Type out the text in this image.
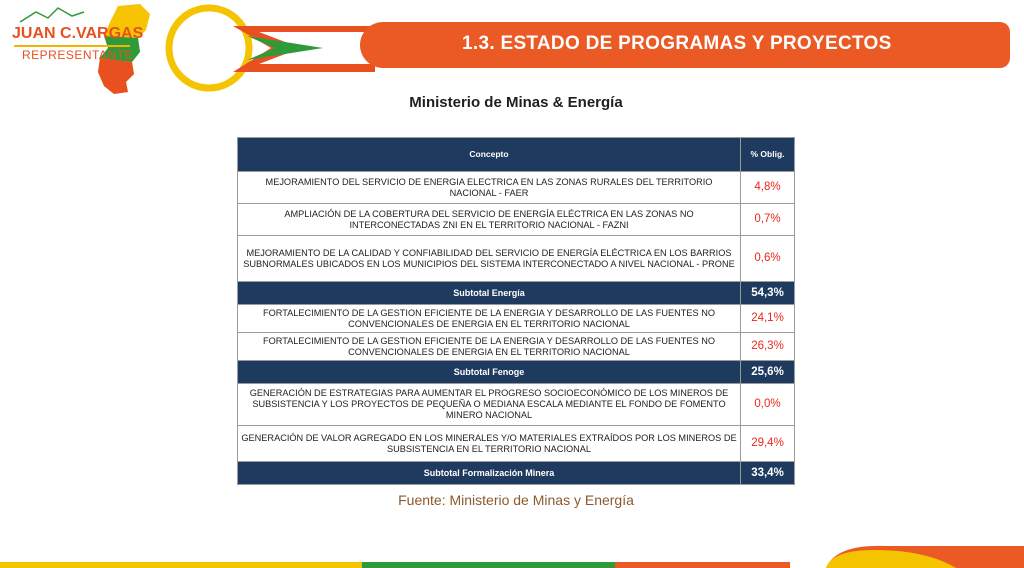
JUAN C.VARGAS
REPRESENTANTE
1.3. ESTADO DE PROGRAMAS Y PROYECTOS
Ministerio de Minas & Energía
Concepto	% Oblig.
MEJORAMIENTO DEL SERVICIO DE ENERGIA ELECTRICA EN LAS ZONAS RURALES DEL TERRITORIO NACIONAL - FAER	4,8%
AMPLIACIÓN DE LA COBERTURA DEL SERVICIO DE ENERGÍA ELÉCTRICA EN LAS ZONAS NO INTERCONECTADAS ZNI EN EL TERRITORIO NACIONAL - FAZNI	0,7%
MEJORAMIENTO DE LA CALIDAD Y CONFIABILIDAD DEL SERVICIO DE ENERGÍA ELÉCTRICA EN LOS BARRIOS SUBNORMALES UBICADOS EN LOS MUNICIPIOS DEL SISTEMA INTERCONECTADO A NIVEL NACIONAL - PRONE	0,6%
Subtotal Energía	54,3%
FORTALECIMIENTO DE LA GESTION EFICIENTE DE LA ENERGIA Y DESARROLLO DE LAS FUENTES NO CONVENCIONALES DE ENERGIA EN EL TERRITORIO NACIONAL	24,1%
FORTALECIMIENTO DE LA GESTION EFICIENTE DE LA ENERGIA Y DESARROLLO DE LAS FUENTES NO CONVENCIONALES DE ENERGIA EN EL TERRITORIO NACIONAL	26,3%
Subtotal Fenoge	25,6%
GENERACIÓN DE ESTRATEGIAS PARA AUMENTAR EL PROGRESO SOCIOECONÓMICO DE LOS MINEROS DE SUBSISTENCIA Y LOS PROYECTOS DE PEQUEÑA O MEDIANA ESCALA MEDIANTE EL FONDO DE FOMENTO MINERO NACIONAL	0,0%
GENERACIÓN DE VALOR AGREGADO EN LOS MINERALES Y/O MATERIALES EXTRAÍDOS POR LOS MINEROS DE SUBSISTENCIA EN EL TERRITORIO NACIONAL	29,4%
Subtotal Formalización Minera	33,4%
Fuente: Ministerio de Minas y Energía
